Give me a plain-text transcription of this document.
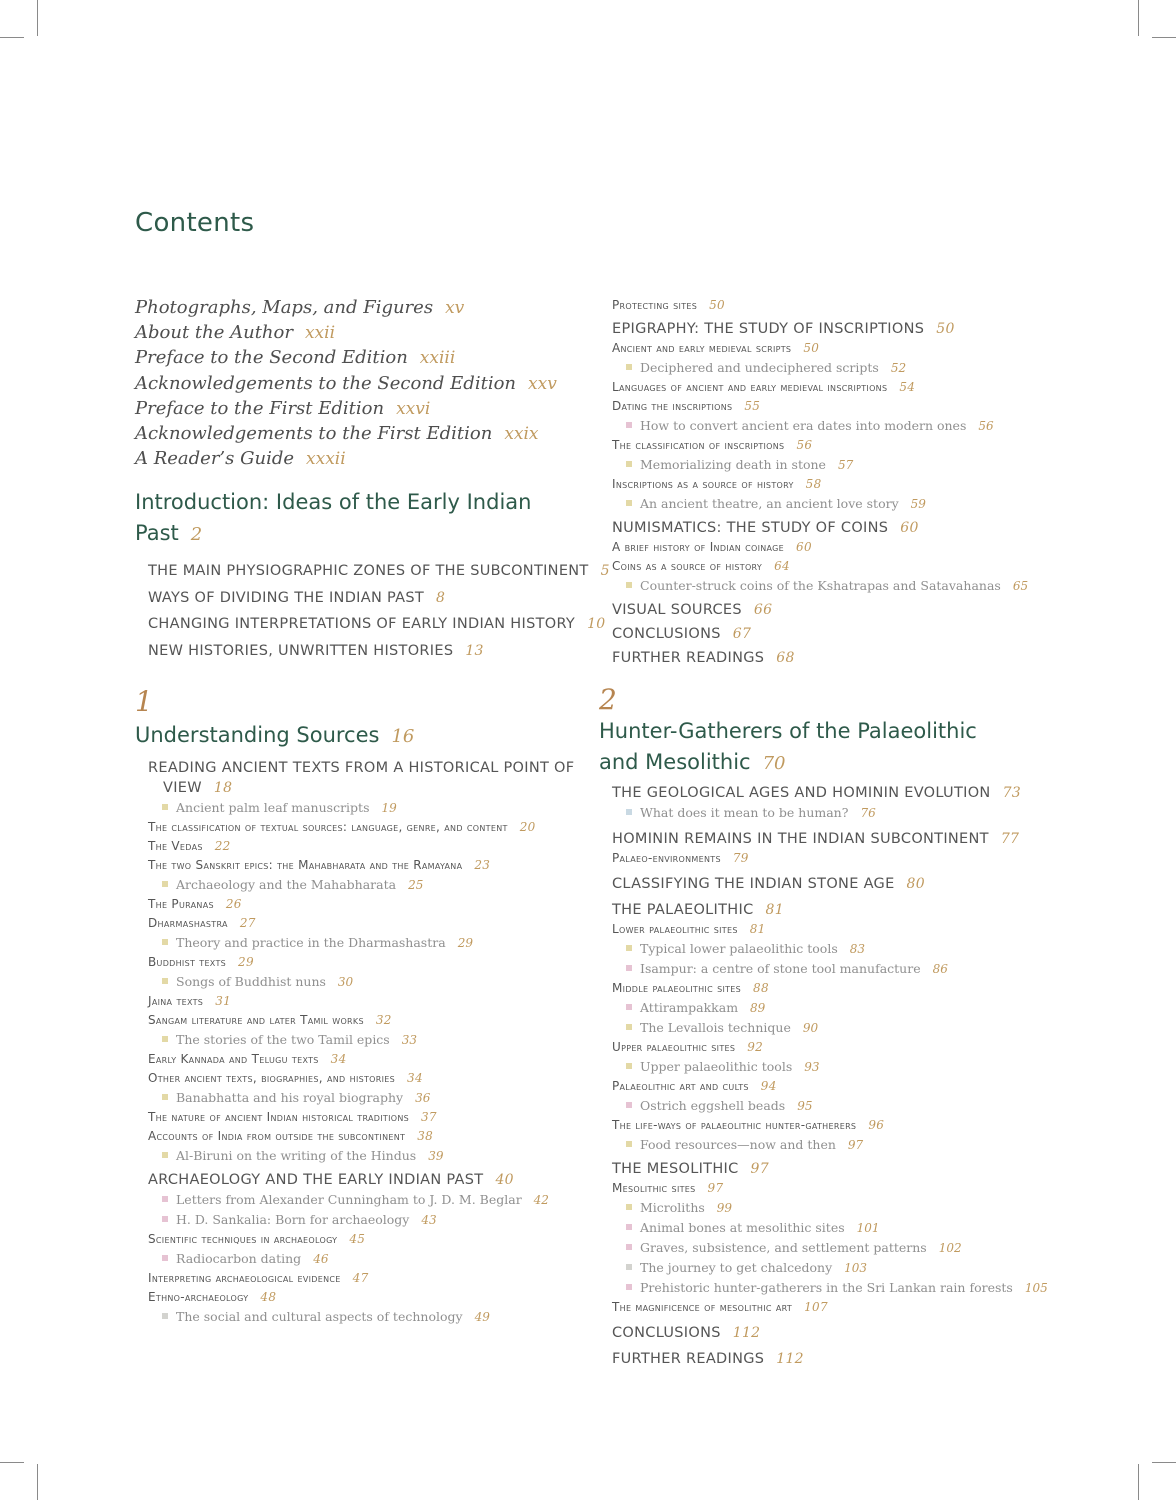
Contents
Photographs, Maps, and Figures xv
About the Author xxii
Preface to the Second Edition xxiii
Acknowledgements to the Second Edition xxv
Preface to the First Edition xxvi
Acknowledgements to the First Edition xxix
A Reader’s Guide xxxii
Introduction: Ideas of the Early Indian
Past 2
THE MAIN PHYSIOGRAPHIC ZONES OF THE SUBCONTINENT 5
WAYS OF DIVIDING THE INDIAN PAST 8
CHANGING INTERPRETATIONS OF EARLY INDIAN HISTORY 10
NEW HISTORIES, UNWRITTEN HISTORIES 13
1
Understanding Sources 16
READING ANCIENT TEXTS FROM A HISTORICAL POINT OF VIEW 18
Ancient palm leaf manuscripts 19
The classification of textual sources: language, genre, and content 20
The Vedas 22
The two Sanskrit epics: the Mahabharata and the Ramayana 23
Archaeology and the Mahabharata 25
The Puranas 26
Dharmashastra 27
Theory and practice in the Dharmashastra 29
Buddhist texts 29
Songs of Buddhist nuns 30
Jaina texts 31
Sangam literature and later Tamil works 32
The stories of the two Tamil epics 33
Early Kannada and Telugu texts 34
Other ancient texts, biographies, and histories 34
Banabhatta and his royal biography 36
The nature of ancient Indian historical traditions 37
Accounts of India from outside the subcontinent 38
Al-Biruni on the writing of the Hindus 39
ARCHAEOLOGY AND THE EARLY INDIAN PAST 40
Letters from Alexander Cunningham to J. D. M. Beglar 42
H. D. Sankalia: Born for archaeology 43
Scientific techniques in archaeology 45
Radiocarbon dating 46
Interpreting archaeological evidence 47
Ethno-archaeology 48
The social and cultural aspects of technology 49
Protecting sites 50
EPIGRAPHY: THE STUDY OF INSCRIPTIONS 50
Ancient and early medieval scripts 50
Deciphered and undeciphered scripts 52
Languages of ancient and early medieval inscriptions 54
Dating the inscriptions 55
How to convert ancient era dates into modern ones 56
The classification of inscriptions 56
Memorializing death in stone 57
Inscriptions as a source of history 58
An ancient theatre, an ancient love story 59
NUMISMATICS: THE STUDY OF COINS 60
A brief history of Indian coinage 60
Coins as a source of history 64
Counter-struck coins of the Kshatrapas and Satavahanas 65
VISUAL SOURCES 66
CONCLUSIONS 67
FURTHER READINGS 68
2
Hunter-Gatherers of the Palaeolithic
and Mesolithic 70
THE GEOLOGICAL AGES AND HOMININ EVOLUTION 73
What does it mean to be human? 76
HOMININ REMAINS IN THE INDIAN SUBCONTINENT 77
Palaeo-environments 79
CLASSIFYING THE INDIAN STONE AGE 80
THE PALAEOLITHIC 81
Lower palaeolithic sites 81
Typical lower palaeolithic tools 83
Isampur: a centre of stone tool manufacture 86
Middle palaeolithic sites 88
Attirampakkam 89
The Levallois technique 90
Upper palaeolithic sites 92
Upper palaeolithic tools 93
Palaeolithic art and cults 94
Ostrich eggshell beads 95
The life-ways of palaeolithic hunter-gatherers 96
Food resources—now and then 97
THE MESOLITHIC 97
Mesolithic sites 97
Microliths 99
Animal bones at mesolithic sites 101
Graves, subsistence, and settlement patterns 102
The journey to get chalcedony 103
Prehistoric hunter-gatherers in the Sri Lankan rain forests 105
The magnificence of mesolithic art 107
CONCLUSIONS 112
FURTHER READINGS 112
